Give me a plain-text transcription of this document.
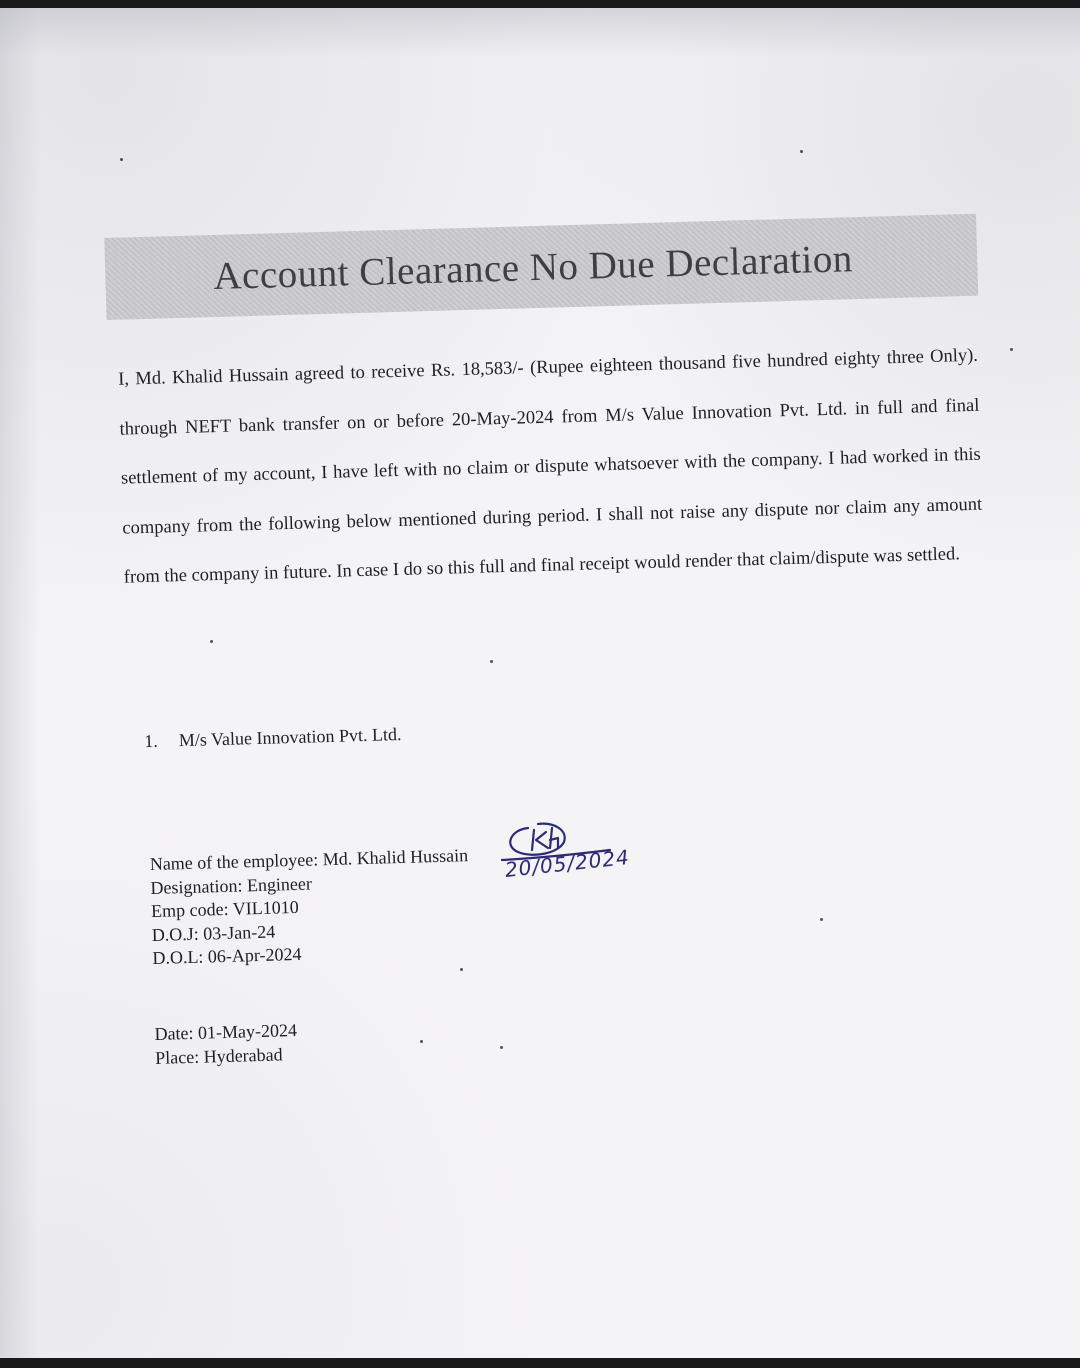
Account Clearance No Due Declaration

I, Md. Khalid Hussain agreed to receive Rs. 18,583/- (Rupee eighteen thousand five hundred eighty three Only). through NEFT bank transfer on or before 20-May-2024 from M/s Value Innovation Pvt. Ltd. in full and final settlement of my account, I have left with no claim or dispute whatsoever with the company. I had worked in this company from the following below mentioned during period. I shall not raise any dispute nor claim any amount from the company in future. In case I do so this full and final receipt would render that claim/dispute was settled.

1. M/s Value Innovation Pvt. Ltd.
Name of the employee: Md. Khalid Hussain
Designation: Engineer
Emp code: VIL1010
D.O.J: 03-Jan-24
D.O.L: 06-Apr-2024
Date: 01-May-2024
Place: Hyderabad
20/05/2024
